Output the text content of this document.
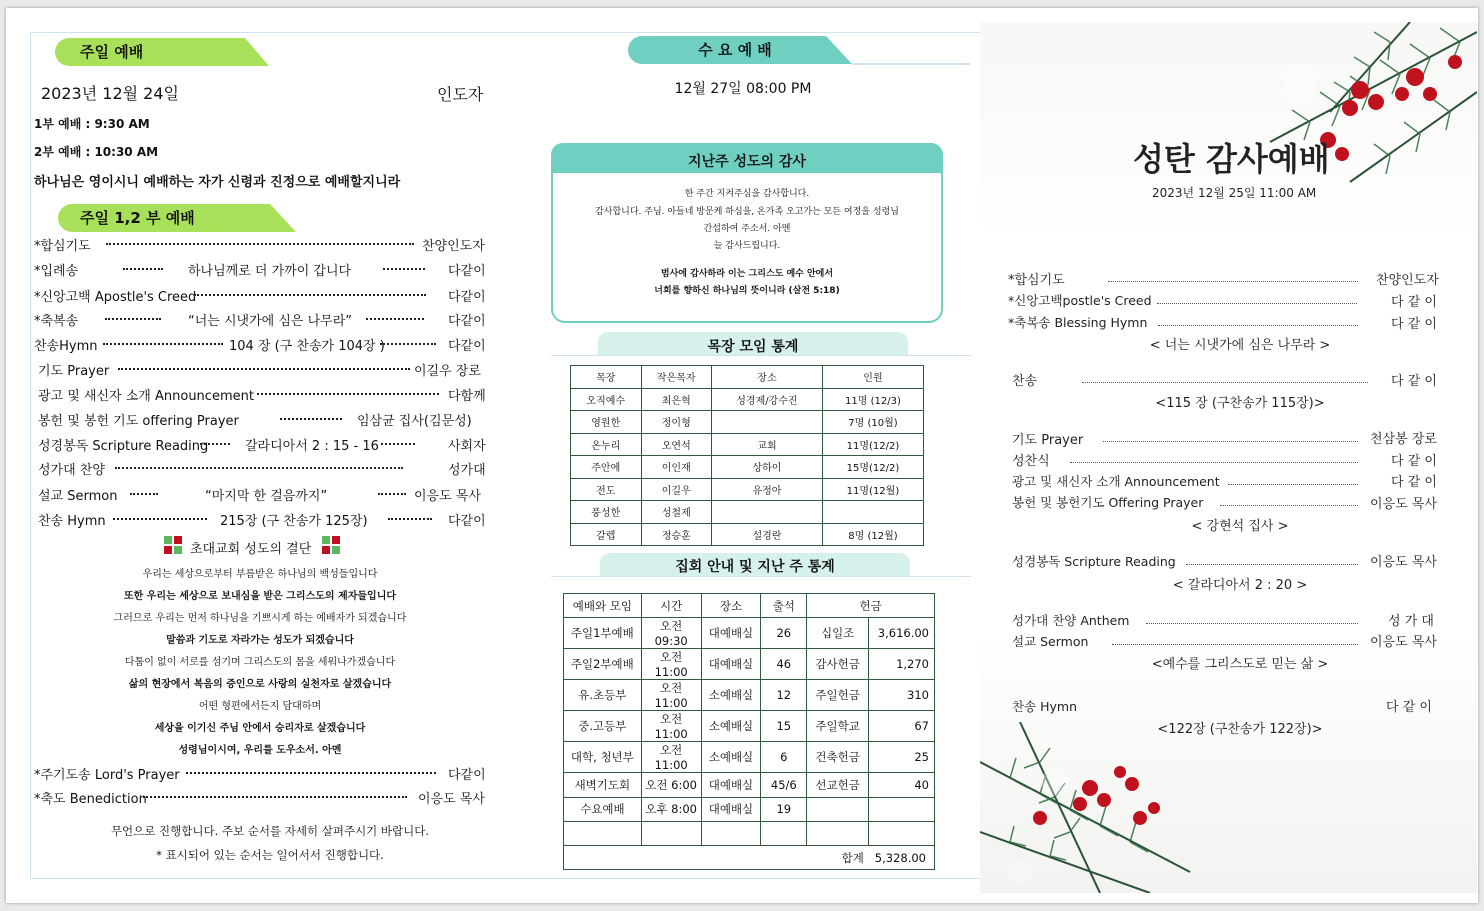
주일 예배
2023년 12월 24일	인도자
1부 예배 : 9:30 AM
2부 예배 : 10:30 AM
하나님은 영이시니 예배하는 자가 신령과 진정으로 예배할지니라
주일 1,2 부 예배
*합심기도	찬양인도자
*입례송	하나님께로 더 가까이 갑니다	다같이
*신앙고백 Apostle's Creed	다같이
*축복송	“너는 시냇가에 심은 나무라”	다같이
찬송Hymn	104 장 (구 찬송가 104장 )	다같이
기도 Prayer	이길우 장로
광고 및 새신자 소개 Announcement	다함께
봉헌 및 봉헌 기도 offering Prayer	임삼균 집사(김문성)
성경봉독 Scripture Reading	갈라디아서 2 : 15 - 16	사회자
성가대 찬양	성가대
설교 Sermon	“마지막 한 걸음까지”	이응도 목사
찬송 Hymn	215장 (구 찬송가 125장)	다같이
초대교회 성도의 결단
우리는 세상으로부터 부름받은 하나님의 백성들입니다
또한 우리는 세상으로 보내심을 받은 그리스도의 제자들입니다
그러므로 우리는 먼저 하나님을 기쁘시게 하는 예배자가 되겠습니다
말씀과 기도로 자라가는 성도가 되겠습니다
다툼이 없이 서로를 섬기며 그리스도의 몸을 세워나가겠습니다
삶의 현장에서 복음의 증인으로 사랑의 실천자로 살겠습니다
어떤 형편에서든지 담대하며
세상을 이기신 주님 안에서 승리자로 살겠습니다
성령님이시여, 우리를 도우소서. 아멘
*주기도송 Lord's Prayer	다같이
*축도 Benediction	이응도 목사
무언으로 진행합니다. 주보 순서를 자세히 살펴주시기 바랍니다.
* 표시되어 있는 순서는 일어서서 진행합니다.
수 요 예 배
12월 27일 08:00 PM
지난주 성도의 감사
한 주간 지켜주심을 감사합니다.
감사합니다. 주님. 아들네 방문케 하심을, 온가족 오고가는 모든 여정을 성령님
간섭하여 주소서. 아멘
늘 감사드립니다.
범사에 감사하라 이는 그리스도 예수 안에서
너희를 향하신 하나님의 뜻이니라 (살전 5:18)
목장 모임 통계
목장	작은목자	장소	인원
오직예수	최은혁	성경제/강수진	11명 (12/3)
영원한	정이형		7명 (10월)
온누리	오연석	교회	11명(12/2)
주안에	이인재	상하이	15명(12/2)
전도	이길우	유정아	11명(12월)
풍성한	성철제		
갈렙	정승훈	설경란	8명 (12월)
집회 안내 및 지난 주 통계
예배와 모임	시간	장소	출석	헌금	
주일1부예배	오전 09:30	대예배실	26	십일조	3,616.00
주일2부예배	오전 11:00	대예배실	46	감사헌금	1,270
유.초등부	오전 11:00	소예배실	12	주일헌금	310
중.고등부	오전 11:00	소예배실	15	주일학교	67
대학, 청년부	오전 11:00	소예배실	6	건축헌금	25
새벽기도회	오전 6:00	대예배실	45/6	선교헌금	40
수요예배	오후 8:00	대예배실	19		

합계 5,328.00					
성탄 감사예배
2023년 12월 25일 11:00 AM
*합심기도	찬양인도자
*신앙고백postle's Creed	다 같 이
*축복송 Blessing Hymn	다 같 이
< 너는 시냇가에 심은 나무라 >
찬송	다 같 이
<115 장 (구찬송가 115장)>
기도 Prayer	천삼봉 장로
성찬식	다 같 이
광고 및 새신자 소개 Announcement	다 같 이
봉헌 및 봉헌기도 Offering Prayer	이응도 목사
< 강현석 집사 >
성경봉독 Scripture Reading	이응도 목사
< 갈라디아서 2 : 20 >
성가대 찬양 Anthem	성 가 대
설교 Sermon	이응도 목사
<예수를 그리스도로 믿는 삶 >
찬송 Hymn	다 같 이
<122장 (구찬송가 122장)>
